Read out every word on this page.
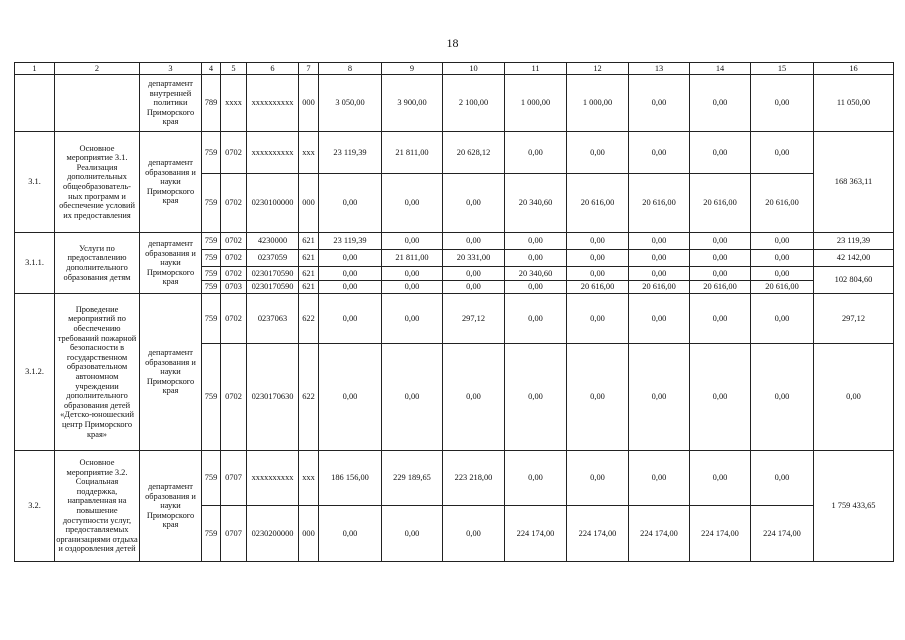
18
1	2	3	4	5	6	7	8	9	10	11	12	13	14	15	16
		департамент внутренней политики Приморского края	789	хххх	хххххххххх	000	3 050,00	3 900,00	2 100,00	1 000,00	1 000,00	0,00	0,00	0,00	11 050,00
3.1.	Основное мероприятие 3.1. Реализация дополнительных общеобразователь-ных программ и обеспечение условий их предоставления	департамент образования и науки Приморского края	759	0702	хххххххххх	ххх	23 119,39	21 811,00	20 628,12	0,00	0,00	0,00	0,00	0,00	168 363,11
			759	0702	0230100000	000	0,00	0,00	0,00	20 340,60	20 616,00	20 616,00	20 616,00	20 616,00	
3.1.1.	Услуги по предоставлению дополнительного образования детям	департамент образования и науки Приморского края	759	0702	4230000	621	23 119,39	0,00	0,00	0,00	0,00	0,00	0,00	0,00	23 119,39
			759	0702	0237059	621	0,00	21 811,00	20 331,00	0,00	0,00	0,00	0,00	0,00	42 142,00
			759	0702	0230170590	621	0,00	0,00	0,00	20 340,60	0,00	0,00	0,00	0,00	102 804,60
			759	0703	0230170590	621	0,00	0,00	0,00	0,00	20 616,00	20 616,00	20 616,00	20 616,00	
3.1.2.	Проведение мероприятий по обеспечению требований пожарной безопасности в государственном образовательном автономном учреждении дополнительного образования детей «Детско-юношеский центр Приморского края»	департамент образования и науки Приморского края	759	0702	0237063	622	0,00	0,00	297,12	0,00	0,00	0,00	0,00	0,00	297,12
			759	0702	0230170630	622	0,00	0,00	0,00	0,00	0,00	0,00	0,00	0,00	0,00
3.2.	Основное мероприятие 3.2. Социальная поддержка, направленная на повышение доступности услуг, предоставляемых организациями отдыха и оздоровления детей	департамент образования и науки Приморского края	759	0707	хххххххххх	ххх	186 156,00	229 189,65	223 218,00	0,00	0,00	0,00	0,00	0,00	1 759 433,65
			759	0707	0230200000	000	0,00	0,00	0,00	224 174,00	224 174,00	224 174,00	224 174,00	224 174,00	
